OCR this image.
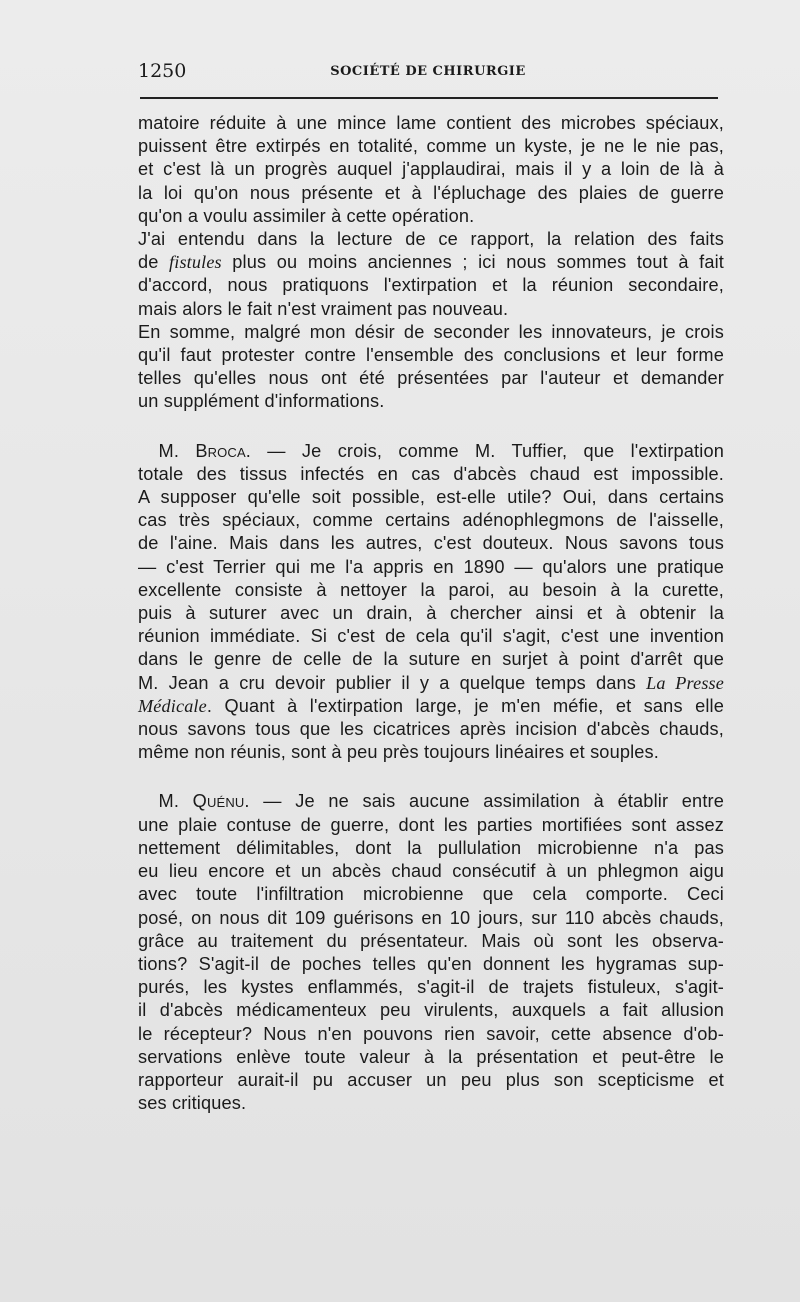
1250	SOCIÉTÉ DE CHIRURGIE
matoire réduite à une mince lame contient des microbes spéciaux,
puissent être extirpés en totalité, comme un kyste, je ne le nie pas,
et c'est là un progrès auquel j'applaudirai, mais il y a loin de là à
la loi qu'on nous présente et à l'épluchage des plaies de guerre
qu'on a voulu assimiler à cette opération.
J'ai entendu dans la lecture de ce rapport, la relation des faits
de fistules plus ou moins anciennes ; ici nous sommes tout à fait
d'accord, nous pratiquons l'extirpation et la réunion secondaire,
mais alors le fait n'est vraiment pas nouveau.
En somme, malgré mon désir de seconder les innovateurs, je crois
qu'il faut protester contre l'ensemble des conclusions et leur forme
telles qu'elles nous ont été présentées par l'auteur et demander
un supplément d'informations.
  M. Broca. — Je crois, comme M. Tuffier, que l'extirpation
totale des tissus infectés en cas d'abcès chaud est impossible.
A supposer qu'elle soit possible, est-elle utile? Oui, dans certains
cas très spéciaux, comme certains adénophlegmons de l'aisselle,
de l'aine. Mais dans les autres, c'est douteux. Nous savons tous
— c'est Terrier qui me l'a appris en 1890 — qu'alors une pratique
excellente consiste à nettoyer la paroi, au besoin à la curette,
puis à suturer avec un drain, à chercher ainsi et à obtenir la
réunion immédiate. Si c'est de cela qu'il s'agit, c'est une invention
dans le genre de celle de la suture en surjet à point d'arrêt que
M. Jean a cru devoir publier il y a quelque temps dans La Presse
Médicale. Quant à l'extirpation large, je m'en méfie, et sans elle
nous savons tous que les cicatrices après incision d'abcès chauds,
même non réunis, sont à peu près toujours linéaires et souples.
  M. Quénu. — Je ne sais aucune assimilation à établir entre
une plaie contuse de guerre, dont les parties mortifiées sont assez
nettement délimitables, dont la pullulation microbienne n'a pas
eu lieu encore et un abcès chaud consécutif à un phlegmon aigu
avec toute l'infiltration microbienne que cela comporte. Ceci
posé, on nous dit 109 guérisons en 10 jours, sur 110 abcès chauds,
grâce au traitement du présentateur. Mais où sont les observa-
tions? S'agit-il de poches telles qu'en donnent les hygramas sup-
purés, les kystes enflammés, s'agit-il de trajets fistuleux, s'agit-
il d'abcès médicamenteux peu virulents, auxquels a fait allusion
le récepteur? Nous n'en pouvons rien savoir, cette absence d'ob-
servations enlève toute valeur à la présentation et peut-être le
rapporteur aurait-il pu accuser un peu plus son scepticisme et
ses critiques.
